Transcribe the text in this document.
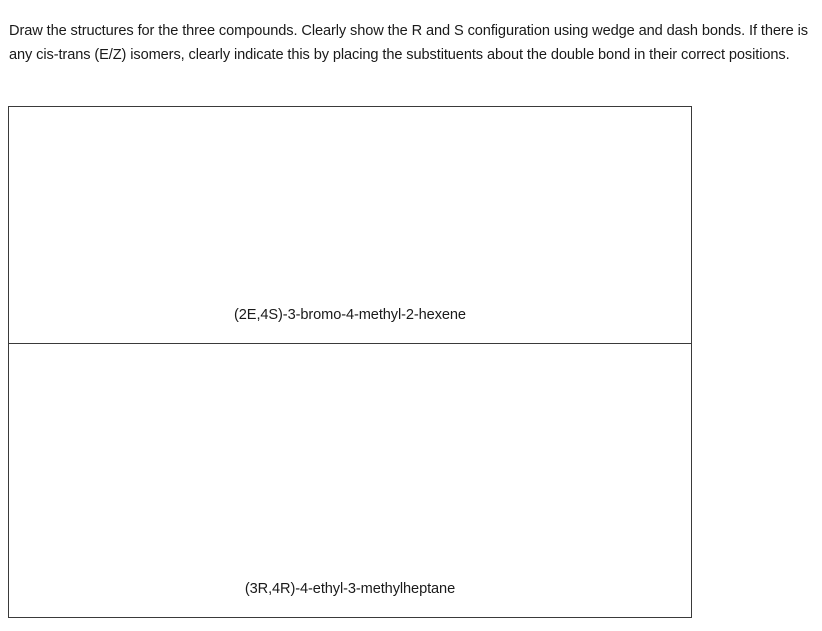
Draw the structures for the three compounds. Clearly show the R and S configuration using wedge and dash bonds. If there is any cis-trans (E/Z) isomers, clearly indicate this by placing the substituents about the double bond in their correct positions.

(2E,4S)-3-bromo-4-methyl-2-hexene
(3R,4R)-4-ethyl-3-methylheptane
